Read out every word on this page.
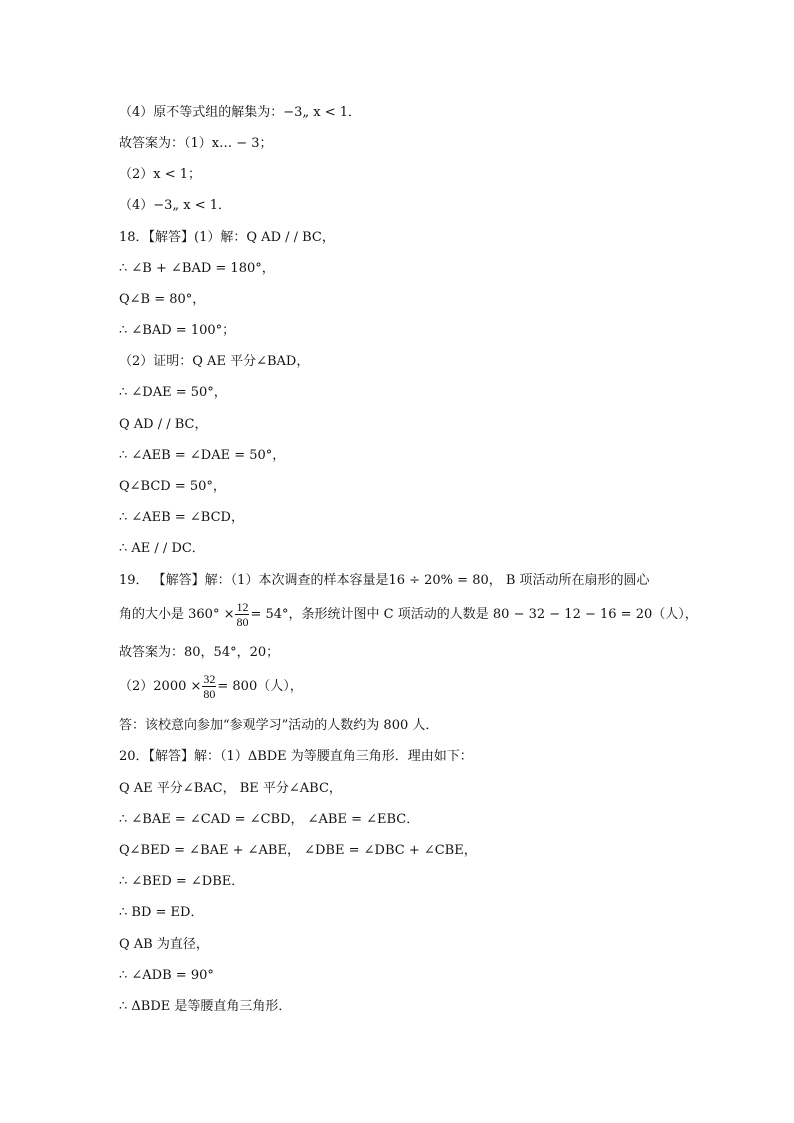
（4）原不等式组的解集为：−3„ x < 1．
故答案为：（1）x… − 3；
（2）x < 1；
（4）−3„ x < 1．
18．【解答】(1）解：Q AD / / BC，
∴ ∠B + ∠BAD = 180°，
Q∠B = 80°，
∴ ∠BAD = 100°；
（2）证明：Q AE 平分∠BAD，
∴ ∠DAE = 50°，
Q AD / / BC，
∴ ∠AEB = ∠DAE = 50°，
Q∠BCD = 50°，
∴ ∠AEB = ∠BCD，
∴ AE / / DC．
19． 【解答】解：（1）本次调查的样本容量是16 ÷ 20% = 80， B 项活动所在扇形的圆心
角的大小是 $360^\circ \times \frac{12}{80} = 54^\circ$，条形统计图中 C 项活动的人数是 80 − 32 − 12 − 16 = 20（人），
故答案为：80，54°，20；
$(2)2000 \times \frac{32}{80} = 800$（人），
答：该校意向参加“参观学习”活动的人数约为 800 人．
20．【解答】解：（1）ΔBDE 为等腰直角三角形．理由如下：
Q AE 平分∠BAC， BE 平分∠ABC，
∴ ∠BAE = ∠CAD = ∠CBD， ∠ABE = ∠EBC．
Q∠BED = ∠BAE + ∠ABE， ∠DBE = ∠DBC + ∠CBE，
∴ ∠BED = ∠DBE．
∴ BD = ED．
Q AB 为直径，
∴ ∠ADB = 90°
∴ ΔBDE 是等腰直角三角形．
